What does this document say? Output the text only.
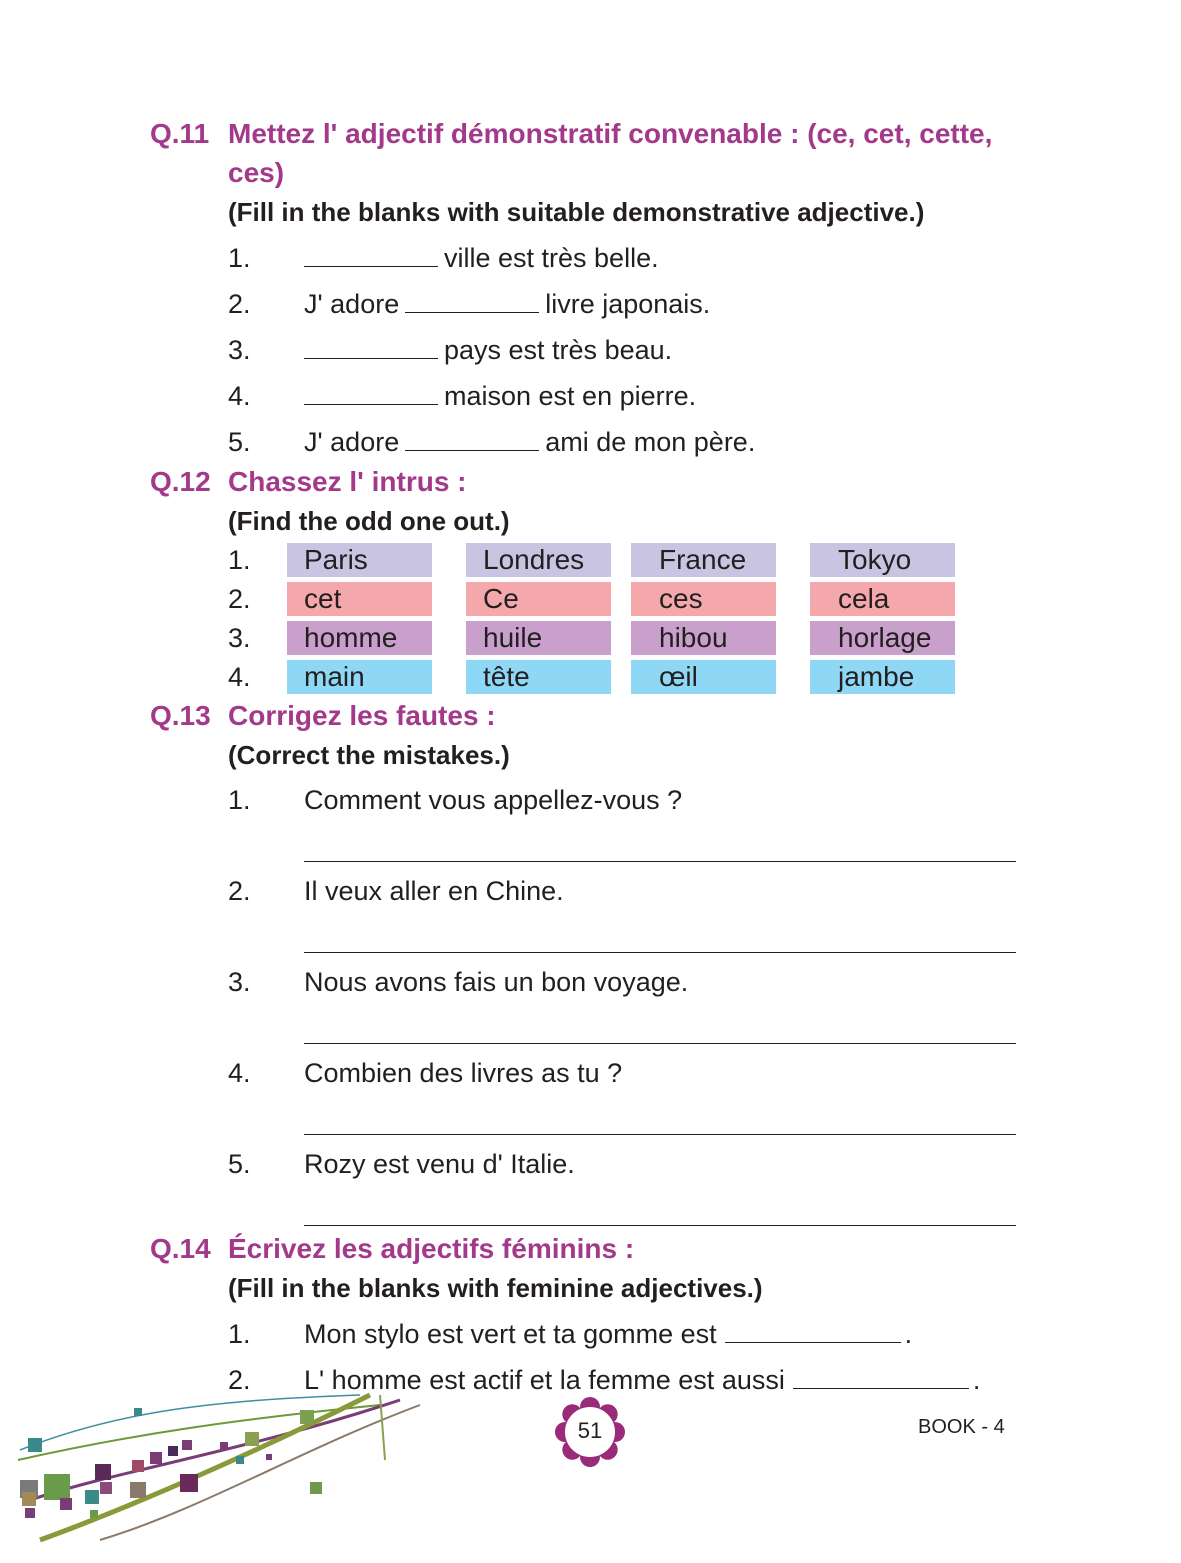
Q.11 Mettez l' adjectif démonstratif convenable : (ce, cet, cette,
ces)
(Fill in the blanks with suitable demonstrative adjective.)
1.	ville est très belle.
2. J' adore	livre japonais.
3.	pays est très beau.
4.	maison est en pierre.
5. J' adore	ami de mon père.
Q.12 Chassez l' intrus :
(Find the odd one out.)
1.	Paris	Londres	France	Tokyo
2.	cet	Ce	ces	cela
3.	homme	huile	hibou	horlage
4.	main	tête	œil	jambe
Q.13 Corrigez les fautes :
(Correct the mistakes.)
1. Comment vous appellez-vous ?
2. Il veux aller en Chine.
3. Nous avons fais un bon voyage.
4. Combien des livres as tu ?
5. Rozy est venu d' Italie.
Q.14 Écrivez les adjectifs féminins :
(Fill in the blanks with feminine adjectives.)
1. Mon stylo est vert et ta gomme est	.
2. L' homme est actif et la femme est aussi	.
51	BOOK - 4
